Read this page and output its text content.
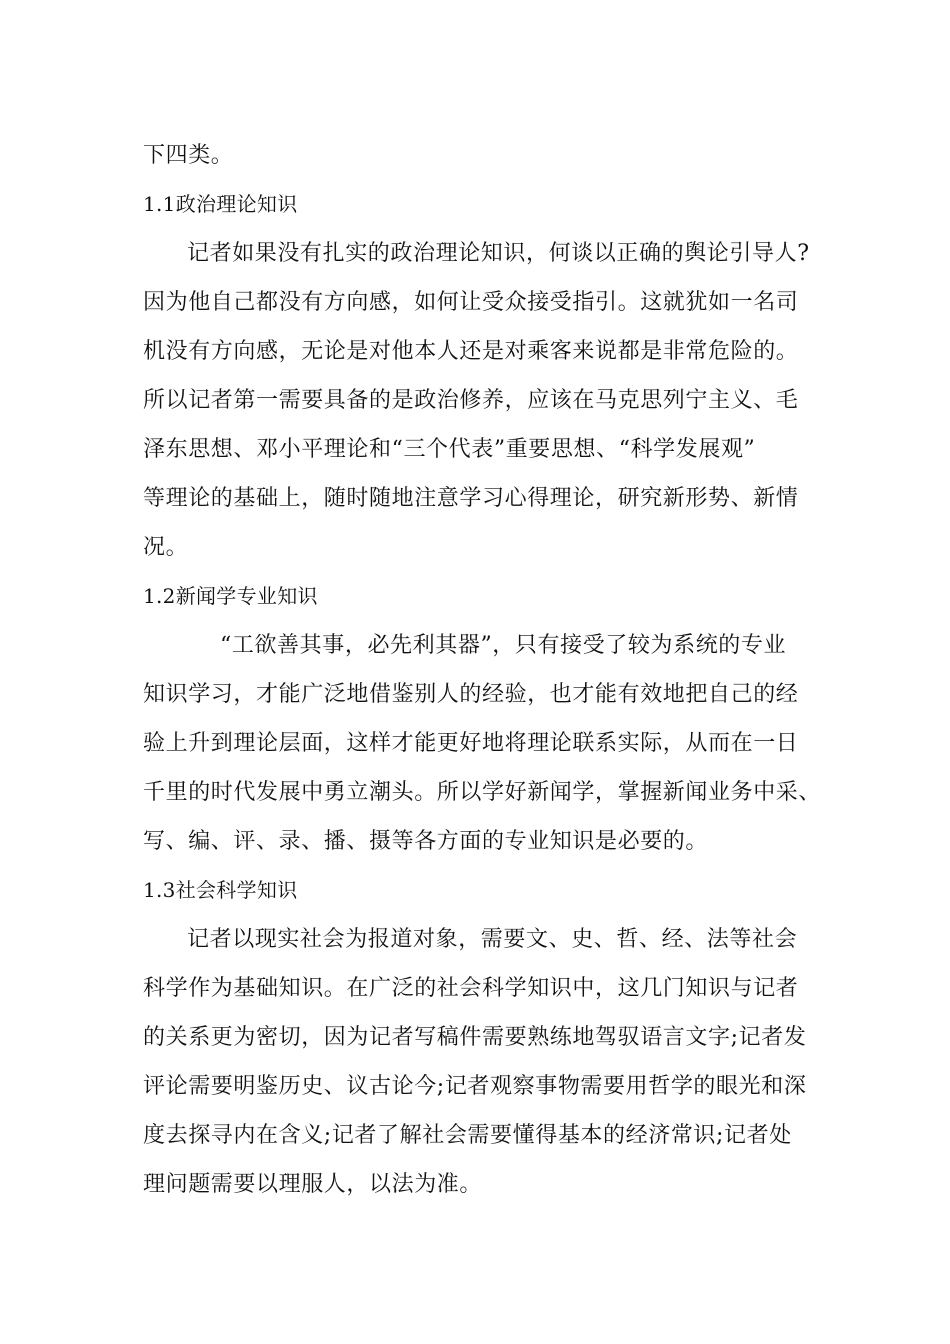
下四类。
1.1政治理论知识
记者如果没有扎实的政治理论知识，何谈以正确的舆论引导人?
因为他自己都没有方向感，如何让受众接受指引。这就犹如一名司
机没有方向感，无论是对他本人还是对乘客来说都是非常危险的。
所以记者第一需要具备的是政治修养，应该在马克思列宁主义、毛
泽东思想、邓小平理论和“三个代表”重要思想、“科学发展观”
等理论的基础上，随时随地注意学习心得理论，研究新形势、新情
况。
1.2新闻学专业知识
“工欲善其事，必先利其器”，只有接受了较为系统的专业
知识学习，才能广泛地借鉴别人的经验，也才能有效地把自己的经
验上升到理论层面，这样才能更好地将理论联系实际，从而在一日
千里的时代发展中勇立潮头。所以学好新闻学，掌握新闻业务中采、
写、编、评、录、播、摄等各方面的专业知识是必要的。
1.3社会科学知识
记者以现实社会为报道对象，需要文、史、哲、经、法等社会
科学作为基础知识。在广泛的社会科学知识中，这几门知识与记者
的关系更为密切，因为记者写稿件需要熟练地驾驭语言文字;记者发
评论需要明鉴历史、议古论今;记者观察事物需要用哲学的眼光和深
度去探寻内在含义;记者了解社会需要懂得基本的经济常识;记者处
理问题需要以理服人，以法为准。
